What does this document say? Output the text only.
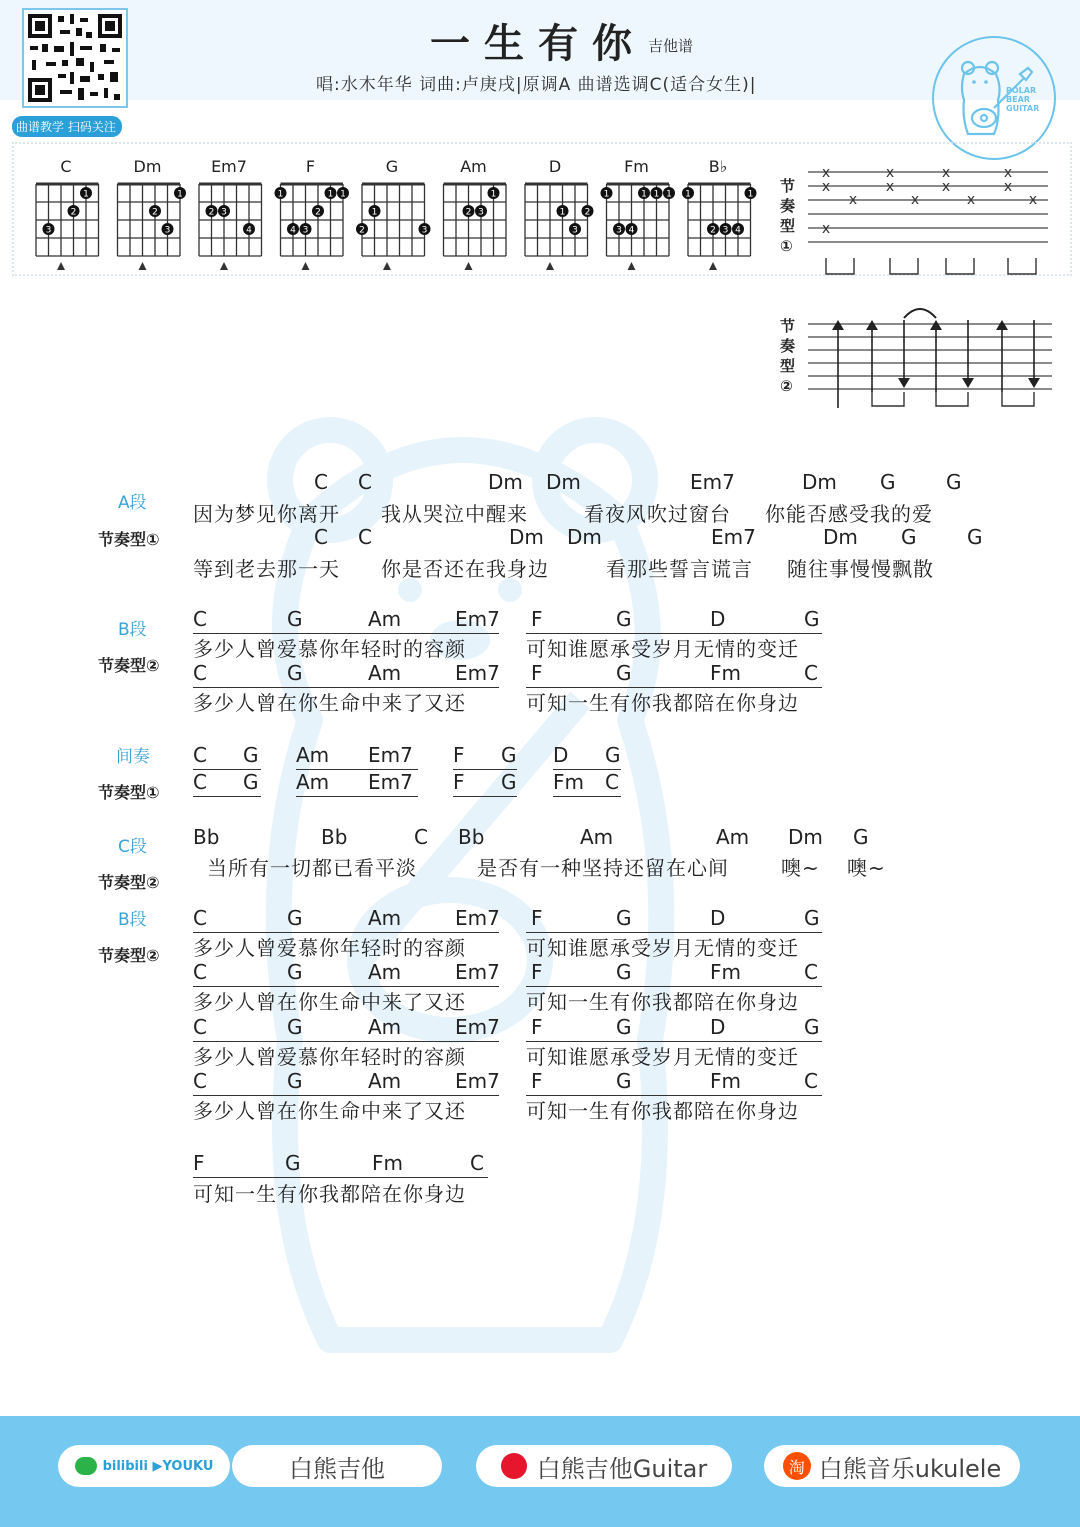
曲谱教学 扫码关注
一生有你 吉他谱
唱:水木年华 词曲:卢庚戌|原调A 曲谱选调C(适合女生)|	POLAR
BEAR
GUITAR
C
1
2
3
Dm
1
2
3
Em7
2 3
4
F
1	1 1
2
3
4
G
1
2	3
Am
1
2 3
D
1 2
3
Fm
1	1 1 1
3 4
B♭
1	1
2 3 4
节
奏
型
①
x
x
x
x
x
x
x
x
x
x
x
x
x
节
奏
型
②
A段
节奏型①
B段
节奏型②
间奏
节奏型①
C段
节奏型②
B段
节奏型②
C C	Dm Dm	Em7	Dm G	G
因为梦见你离开 我从哭泣中醒来	看夜风吹过窗台 你能否感受我的爱
C C	Dm Dm	Em7	Dm G	G
等到老去那一天 你是否还在我身边	看那些誓言谎言 随往事慢慢飘散
C	G	Am	Em7 F	G	D	G
多少人曾爱慕你年轻时的容颜	可知谁愿承受岁月无情的变迁
C	G	Am	Em7 F	G	Fm	C
多少人曾在你生命中来了又还	可知一生有你我都陪在你身边
C G Am Em7 F G D G
C G Am Em7 F G Fm C
Bb	Bb	C Bb	Am	Am Dm G
当所有一切都已看平淡	是否有一种坚持还留在心间	噢~ 噢~
C	G	Am	Em7 F	G	D	G
多少人曾爱慕你年轻时的容颜	可知谁愿承受岁月无情的变迁
C	G	Am	Em7 F	G	Fm	C
多少人曾在你生命中来了又还	可知一生有你我都陪在你身边
C	G	Am	Em7 F	G	D	G
多少人曾爱慕你年轻时的容颜	可知谁愿承受岁月无情的变迁
C	G	Am	Em7 F	G	Fm	C
多少人曾在你生命中来了又还	可知一生有你我都陪在你身边
F	G	Fm	C
可知一生有你我都陪在你身边
bilibili ▶YOUKU	白熊吉他	白熊吉他Guitar	淘 白熊音乐ukulele
